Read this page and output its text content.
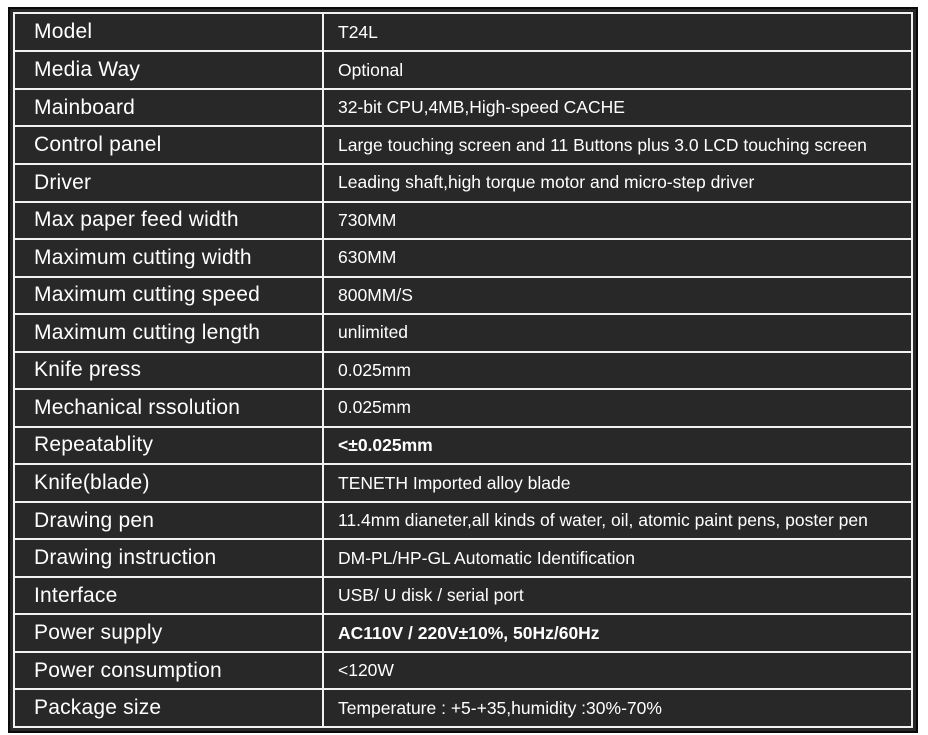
Model	T24L
Media Way	Optional
Mainboard	32-bit CPU,4MB,High-speed CACHE
Control panel	Large touching screen and 11 Buttons plus 3.0 LCD touching screen
Driver	Leading shaft,high torque motor and micro-step driver
Max paper feed width	730MM
Maximum cutting width	630MM
Maximum cutting speed	800MM/S
Maximum cutting length	unlimited
Knife press	0.025mm
Mechanical rssolution	0.025mm
Repeatablity	<±0.025mm
Knife(blade)	TENETH Imported alloy blade
Drawing pen	11.4mm dianeter,all kinds of water, oil, atomic paint pens, poster pen
Drawing instruction	DM-PL/HP-GL Automatic Identification
Interface	USB/ U disk / serial port
Power supply	AC110V / 220V±10%, 50Hz/60Hz
Power consumption	<120W
Package size	Temperature : +5-+35,humidity :30%-70%
